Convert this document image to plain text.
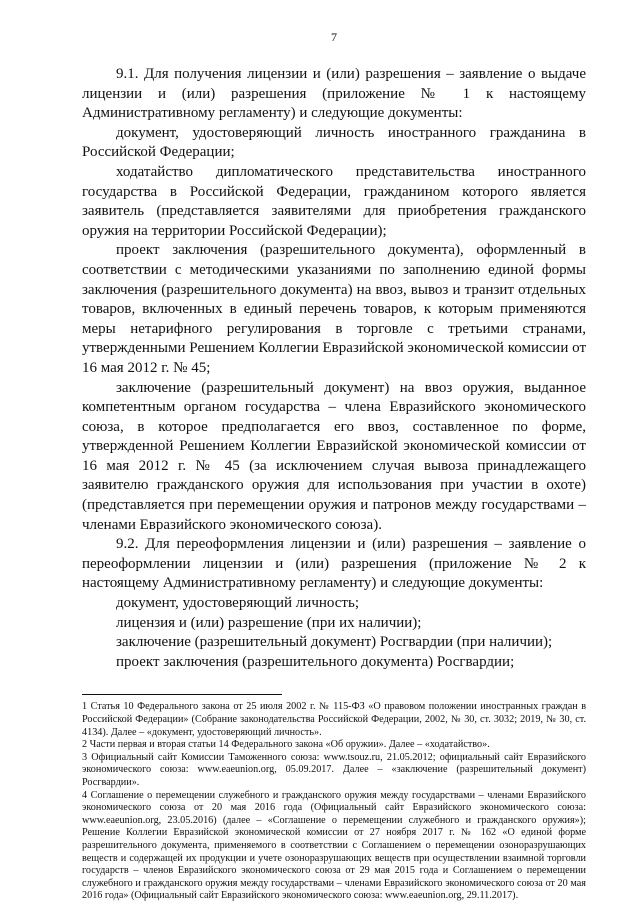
7

9.1. Для получения лицензии и (или) разрешения – заявление о выдаче лицензии и (или) разрешения (приложение № 1 к настоящему Административному регламенту) и следующие документы:

документ, удостоверяющий личность иностранного гражданина в Российской Федерации;

ходатайство дипломатического представительства иностранного государства в Российской Федерации, гражданином которого является заявитель (представляется заявителями для приобретения гражданского оружия на территории Российской Федерации);

проект заключения (разрешительного документа), оформленный в соответствии с методическими указаниями по заполнению единой формы заключения (разрешительного документа) на ввоз, вывоз и транзит отдельных товаров, включенных в единый перечень товаров, к которым применяются меры нетарифного регулирования в торговле с третьими странами, утвержденными Решением Коллегии Евразийской экономической комиссии от 16 мая 2012 г. № 45;

заключение (разрешительный документ) на ввоз оружия, выданное компетентным органом государства – члена Евразийского экономического союза, в которое предполагается его ввоз, составленное по форме, утвержденной Решением Коллегии Евразийской экономической комиссии от 16 мая 2012 г. № 45 (за исключением случая вывоза принадлежащего заявителю гражданского оружия для использования при участии в охоте) (представляется при перемещении оружия и патронов между государствами – членами Евразийского экономического союза).

9.2. Для переоформления лицензии и (или) разрешения – заявление о переоформлении лицензии и (или) разрешения (приложение № 2 к настоящему Административному регламенту) и следующие документы:

документ, удостоверяющий личность;

лицензия и (или) разрешение (при их наличии);

заключение (разрешительный документ) Росгвардии (при наличии);

проект заключения (разрешительного документа) Росгвардии;

1 Статья 10 Федерального закона от 25 июля 2002 г. № 115-ФЗ «О правовом положении иностранных граждан в Российской Федерации» (Собрание законодательства Российской Федерации, 2002, № 30, ст. 3032; 2019, № 30, ст. 4134). Далее – «документ, удостоверяющий личность».

2 Части первая и вторая статьи 14 Федерального закона «Об оружии». Далее – «ходатайство».

3 Официальный сайт Комиссии Таможенного союза: www.tsouz.ru, 21.05.2012; официальный сайт Евразийского экономического союза: www.eaeunion.org, 05.09.2017. Далее – «заключение (разрешительный документ) Росгвардии».

4 Соглашение о перемещении служебного и гражданского оружия между государствами – членами Евразийского экономического союза от 20 мая 2016 года (Официальный сайт Евразийского экономического союза: www.eaeunion.org, 23.05.2016) (далее – «Соглашение о перемещении служебного и гражданского оружия»); Решение Коллегии Евразийской экономической комиссии от 27 ноября 2017 г. № 162 «О единой форме разрешительного документа, применяемого в соответствии с Соглашением о перемещении озоноразрушающих веществ и содержащей их продукции и учете озоноразрушающих веществ при осуществлении взаимной торговли государств – членов Евразийского экономического союза от 29 мая 2015 года и Соглашением о перемещении служебного и гражданского оружия между государствами – членами Евразийского экономического союза от 20 мая 2016 года» (Официальный сайт Евразийского экономического союза: www.eaeunion.org, 29.11.2017).
